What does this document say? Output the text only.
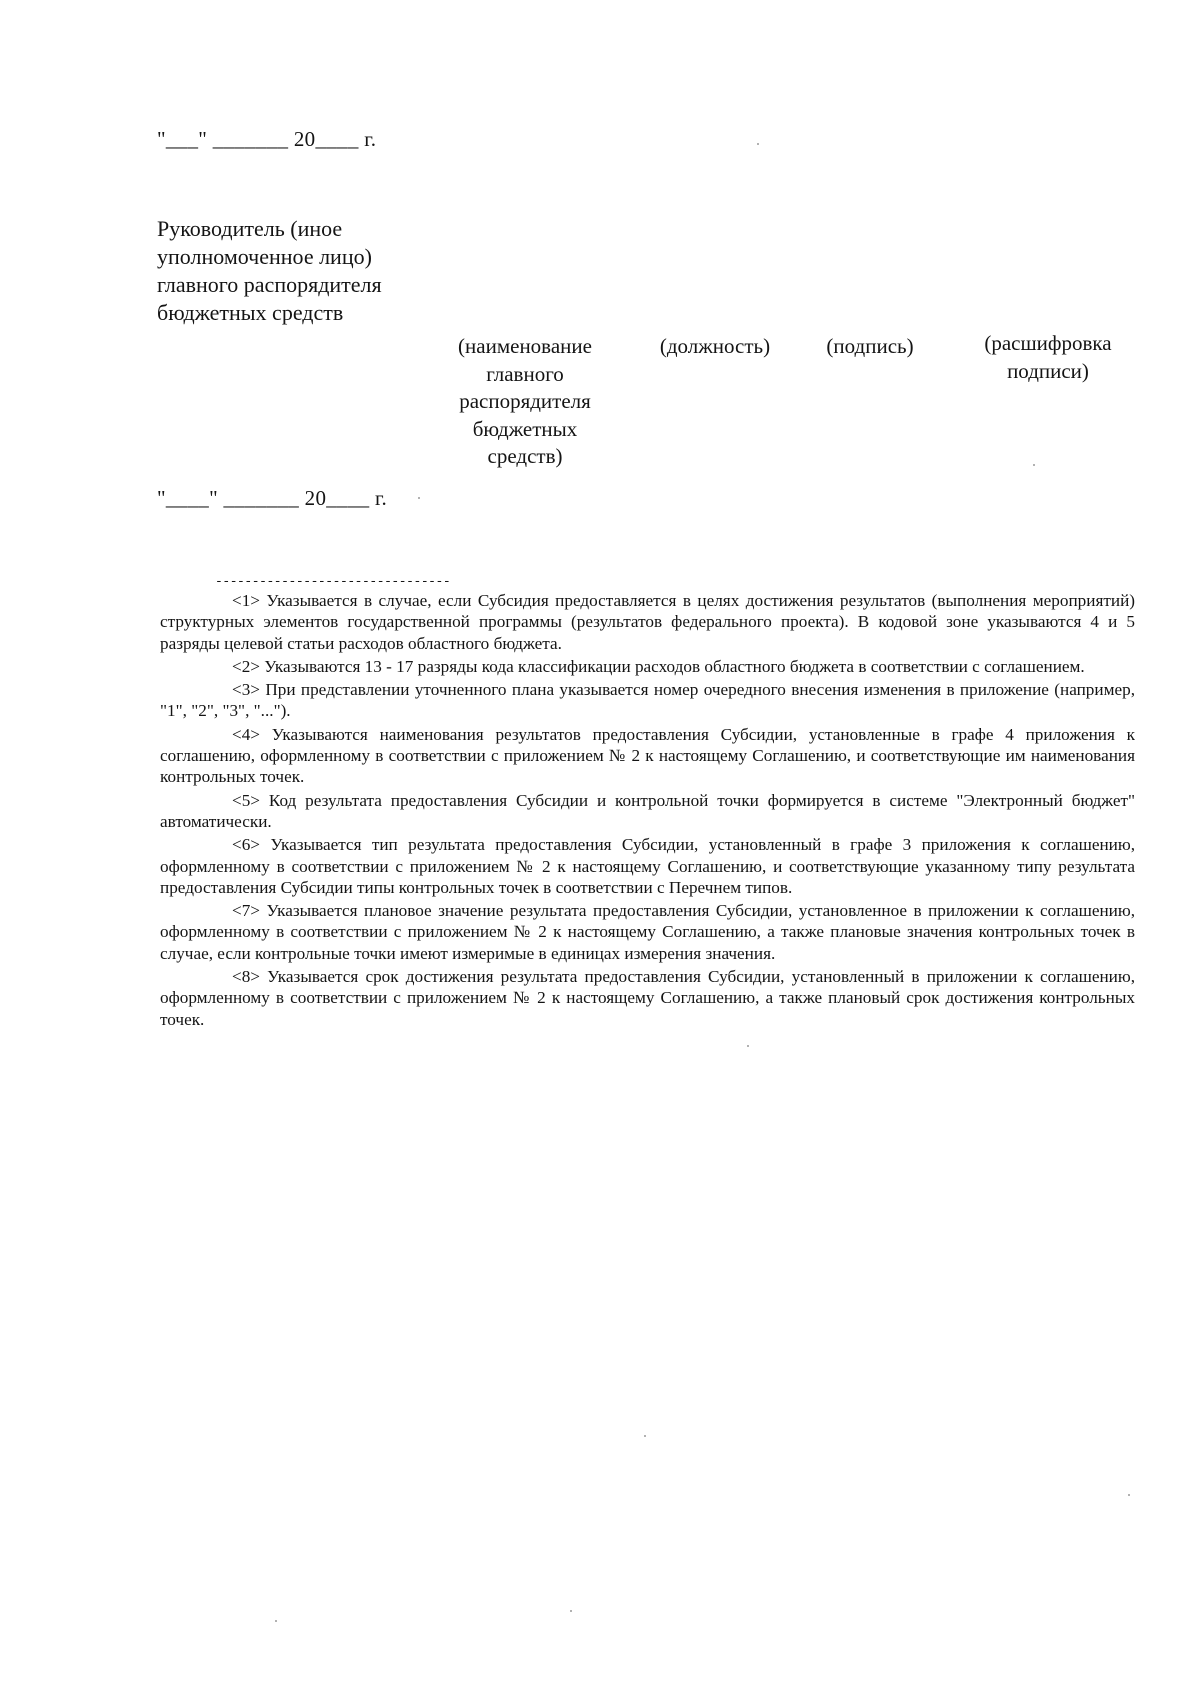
"___" _______ 20____ г.
Руководитель (иное
уполномоченное лицо)
главного распорядителя
бюджетных средств
(наименование
главного
распорядителя
бюджетных
средств)
(должность)	(подпись)	(расшифровка
подписи)
"____" _______ 20____ г.
--------------------------------

<1> Указывается в случае, если Субсидия предоставляется в целях достижения результатов (выполнения мероприятий) структурных элементов государственной программы (результатов федерального проекта). В кодовой зоне указываются 4 и 5 разряды целевой статьи расходов областного бюджета.

<2> Указываются 13 - 17 разряды кода классификации расходов областного бюджета в соответствии с соглашением.

<3> При представлении уточненного плана указывается номер очередного внесения изменения в приложение (например, "1", "2", "3", "...").

<4> Указываются наименования результатов предоставления Субсидии, установленные в графе 4 приложения к соглашению, оформленному в соответствии с приложением № 2 к настоящему Соглашению, и соответствующие им наименования контрольных точек.

<5> Код результата предоставления Субсидии и контрольной точки формируется в системе "Электронный бюджет" автоматически.

<6> Указывается тип результата предоставления Субсидии, установленный в графе 3 приложения к соглашению, оформленному в соответствии с приложением № 2 к настоящему Соглашению, и соответствующие указанному типу результата предоставления Субсидии типы контрольных точек в соответствии с Перечнем типов.

<7> Указывается плановое значение результата предоставления Субсидии, установленное в приложении к соглашению, оформленному в соответствии с приложением № 2 к настоящему Соглашению, а также плановые значения контрольных точек в случае, если контрольные точки имеют измеримые в единицах измерения значения.

<8> Указывается срок достижения результата предоставления Субсидии, установленный в приложении к соглашению, оформленному в соответствии с приложением № 2 к настоящему Соглашению, а также плановый срок достижения контрольных точек.
